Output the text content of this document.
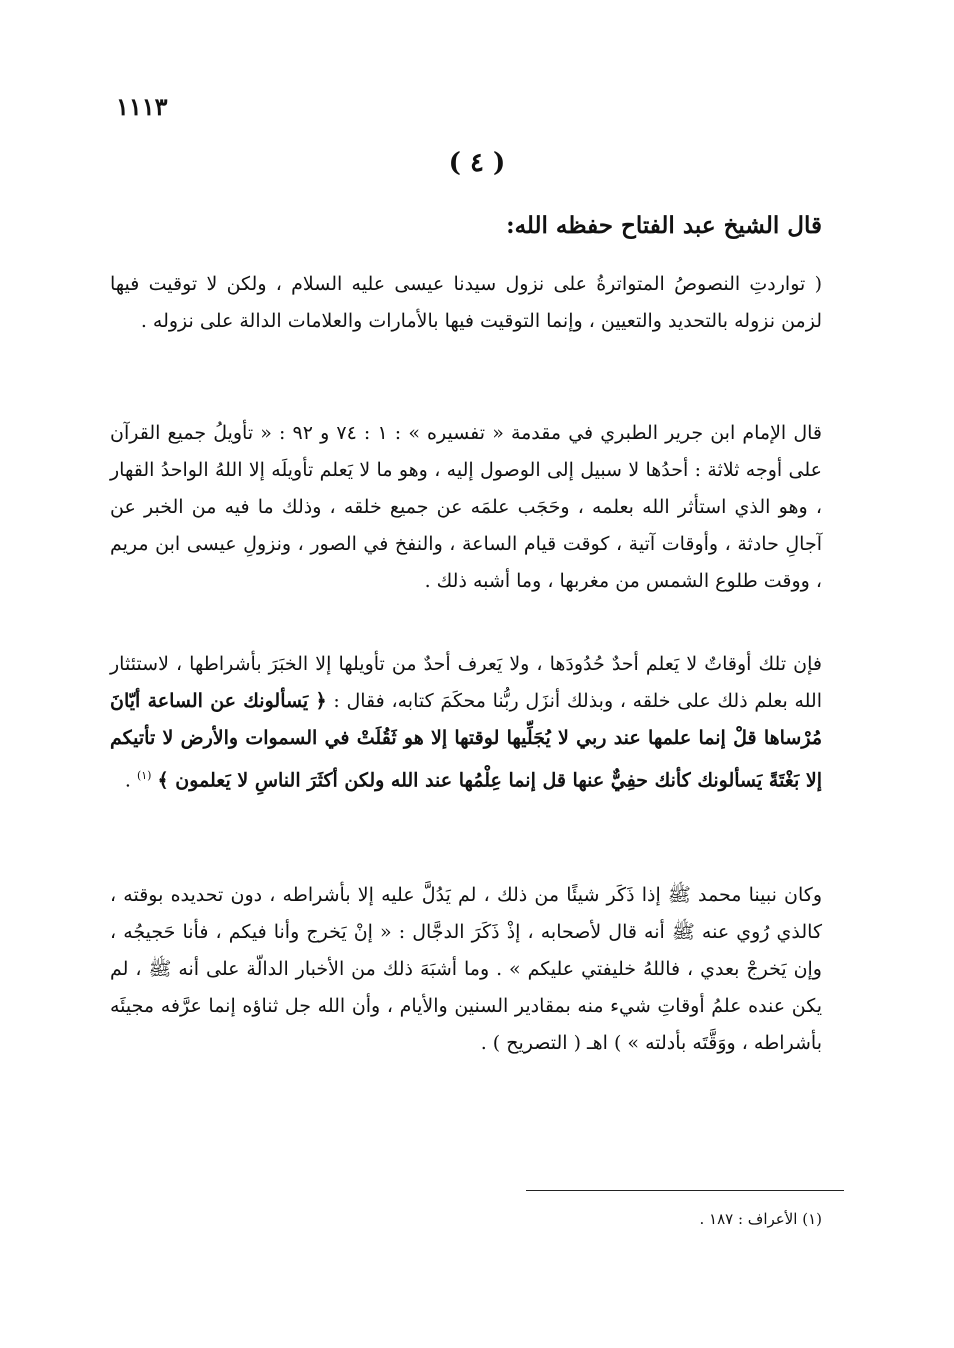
١١١٣
( ٤ )
قال الشيخ عبد الفتاح حفظه الله:
( تواردتِ النصوصُ المتواترةُ على نزول سيدنا عيسى عليه السلام ، ولكن لا توقيت فيها لزمن نزوله بالتحديد والتعيين ، وإنما التوقيت فيها بالأمارات والعلامات الدالة على نزوله .
قال الإمام ابن جرير الطبري في مقدمة « تفسيره » : ١ : ٧٤ و ٩٢ : « تأويلُ جميع القرآن على أوجه ثلاثة : أحدُها لا سبيل إلى الوصول إليه ، وهو ما لا يَعلم تأويلَه إلا اللهُ الواحدُ القهار ، وهو الذي استأثر الله بعلمه ، وحَجَب علمَه عن جميع خلقه ، وذلك ما فيه من الخبر عن آجالِ حادثة ، وأوقات آتية ، كوقت قيام الساعة ، والنفخ في الصور ، ونزولِ عيسى ابن مريم ، ووقت طلوع الشمس من مغربها ، وما أشبه ذلك .
فإن تلك أوقاتٌ لا يَعلم أحدٌ حُدُودَها ، ولا يَعرف أحدٌ من تأويلها إلا الخبَرَ بأشراطها ، لاستئثار الله بعلم ذلك على خلقه ، وبذلك أنزَل ربُّنا محكَمَ كتابه، فقال : ﴿ يَسألونك عن الساعة أيّانَ مُرْساها قلْ إنما علمها عند ربي لا يُجَلِّيها لوقتها إلا هو ثَقُلَتْ في السموات والأرض لا تأتيكم إلا بَغْتَةً يَسألونك كأنك حفِيٌّ عنها قل إنما عِلْمُها عند الله ولكن أكثَرَ الناسِ لا يَعلمون ﴾ $^{(١)}$ .
وكان نبينا محمد ﷺ إذا ذَكَر شيئًا من ذلك ، لم يَدُلَّ عليه إلا بأشراطه ، دون تحديده بوقته ، كالذي رُوي عنه ﷺ أنه قال لأصحابه ، إذْ ذَكَرَ الدجَّال : « إنْ يَخرج وأنا فيكم ، فأنا حَجيجُه ، وإن يَخرجْ بعدي ، فاللهُ خليفتي عليكم » . وما أشبَهَ ذلك من الأخبار الدالّة على أنه ﷺ ، لم يكن عنده علمُ أوقاتِ شيء منه بمقادير السنين والأيام ، وأن الله جل ثناؤه إنما عرَّفه مجيئَه بأشراطه ، ووَقَّتَه بأدلته » ) اهـ ( التصريح ) .
(١) الأعراف : ١٨٧ .
